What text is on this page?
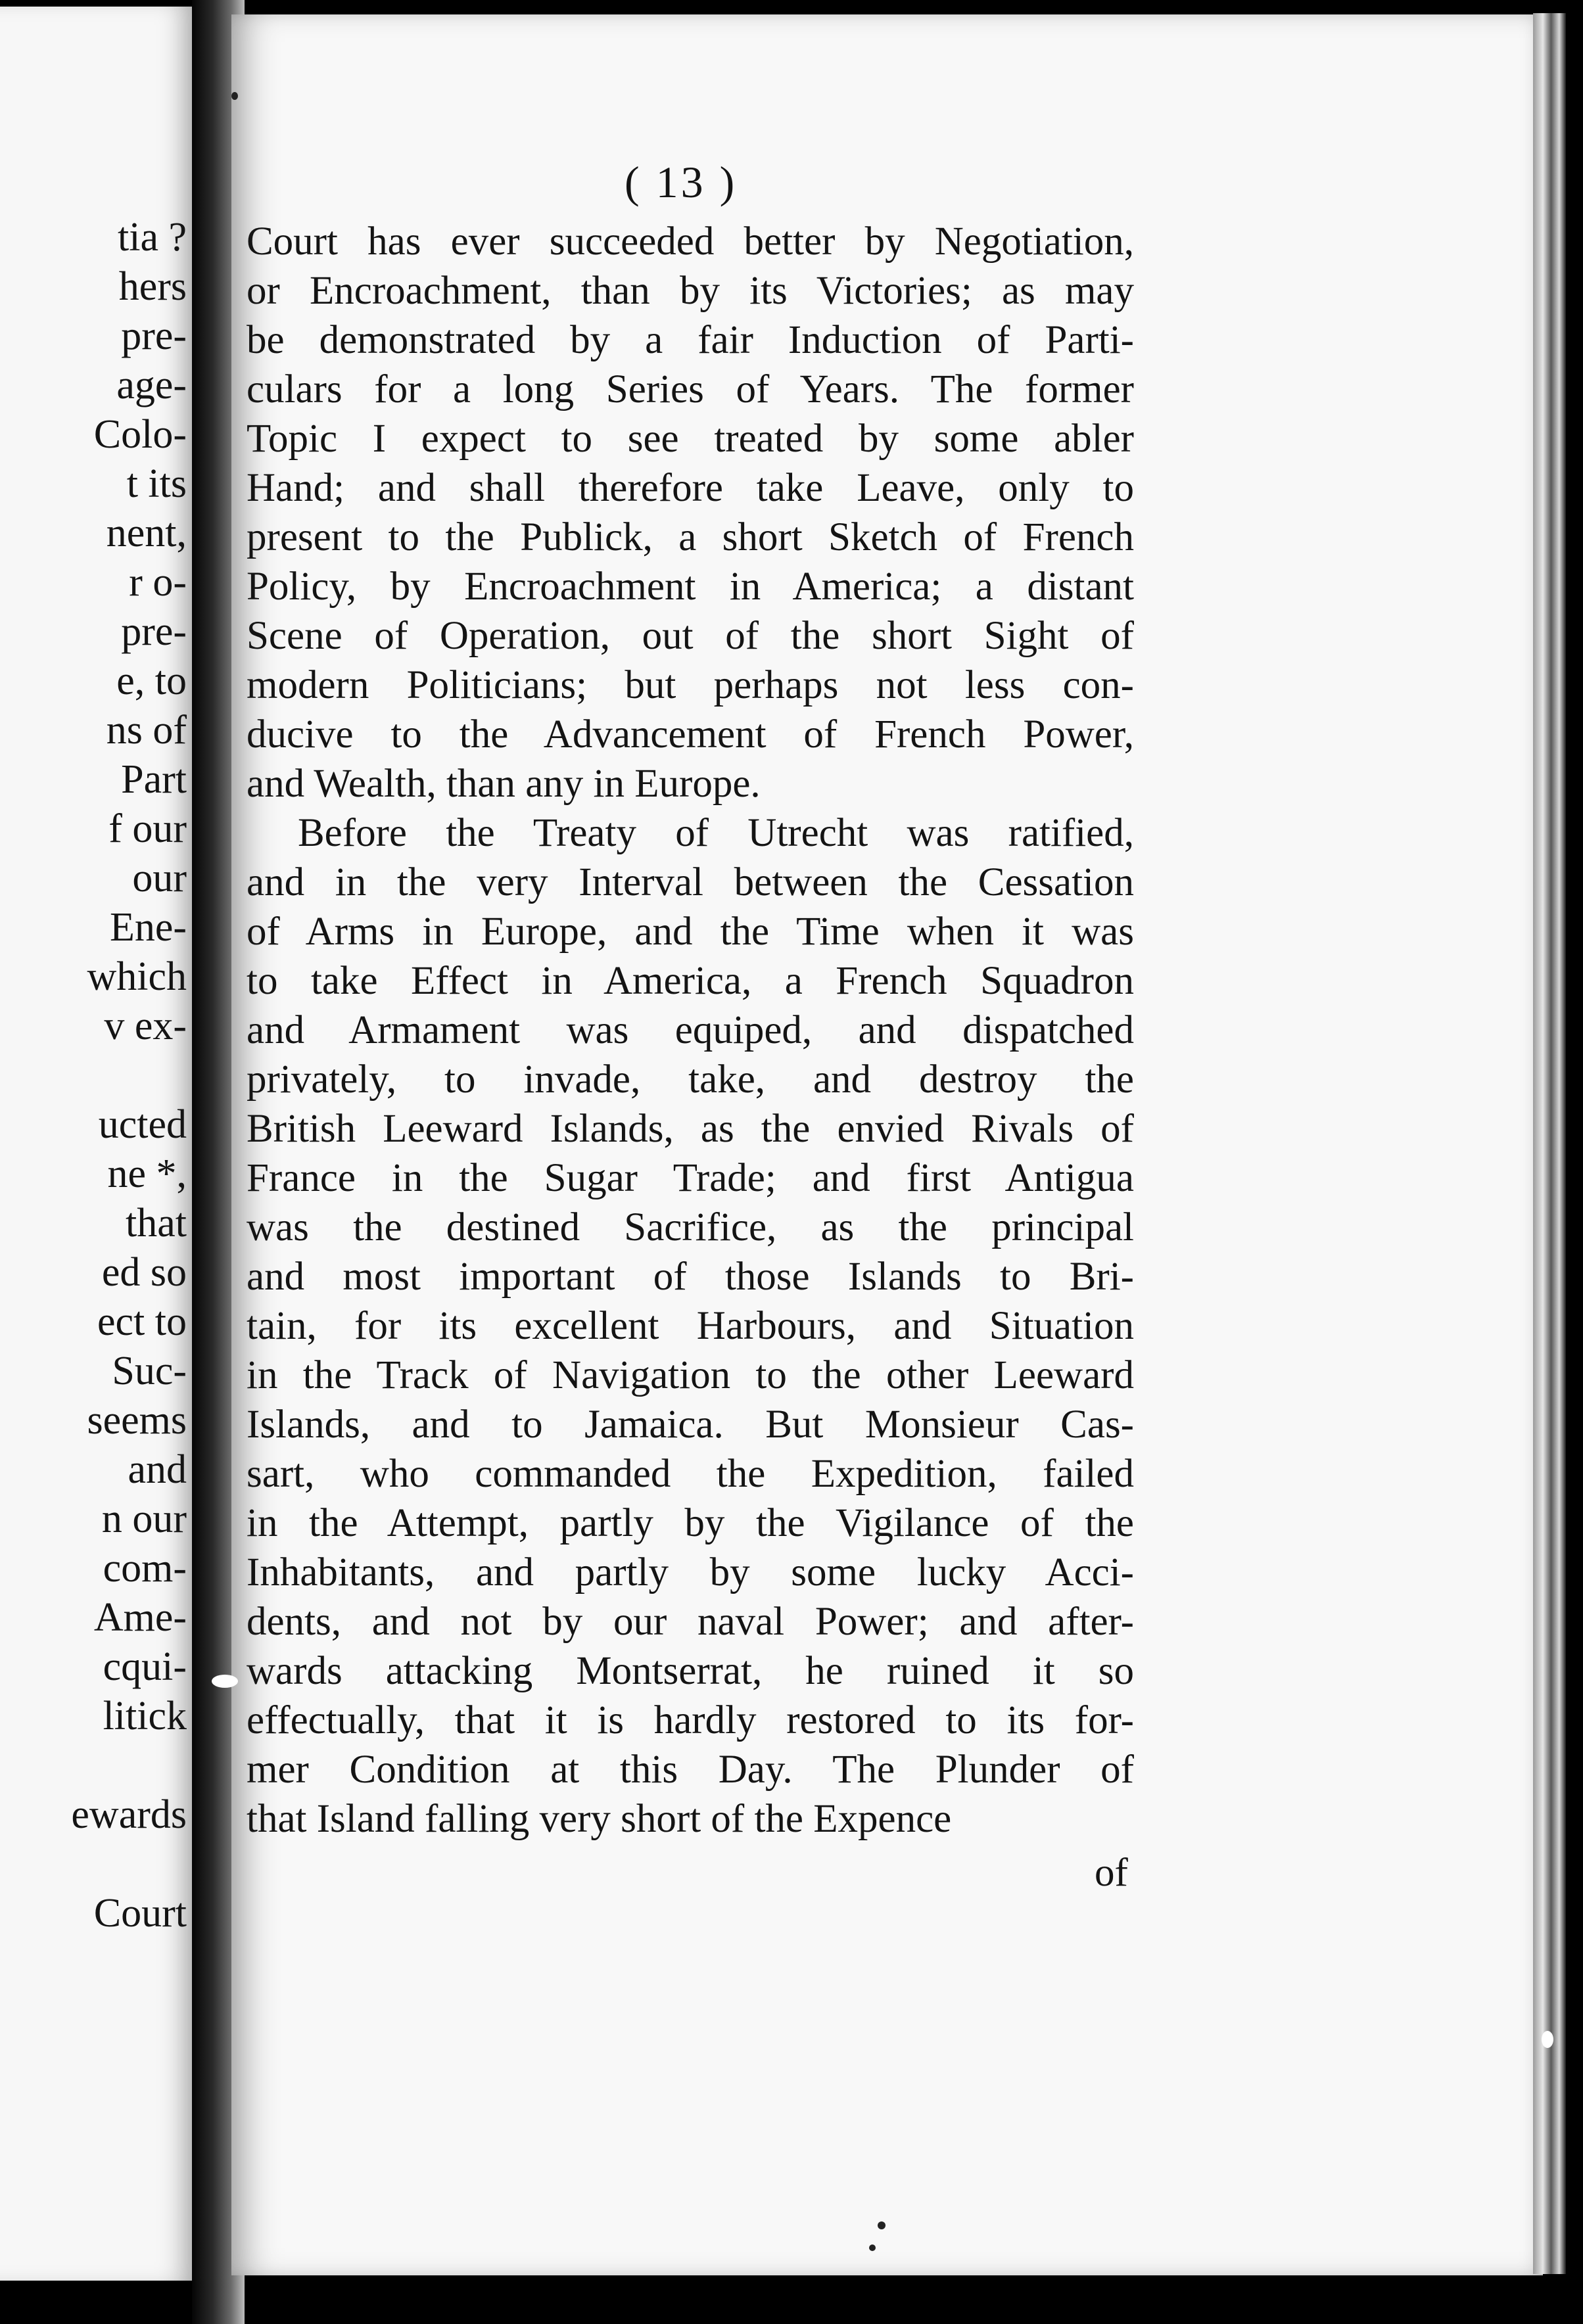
tia ?
hers
pre-
age-
Colo-
t its
nent,
r o-
pre-
e, to
ns of
Part
f our
our
Ene-
which
v ex-
ucted
ne *,
that
ed so
ect to
Suc-
seems
and
n our
com-
Ame-
cqui-
litick
ewards
Court
( 13 )
Court has ever succeeded better by Negotiation,
or Encroachment, than by its Victories; as may
be demonstrated by a fair Induction of Parti-
culars for a long Series of Years. The former
Topic I expect to see treated by some abler
Hand; and shall therefore take Leave, only to
present to the Publick, a short Sketch of French
Policy, by Encroachment in America; a distant
Scene of Operation, out of the short Sight of
modern Politicians; but perhaps not less con-
ducive to the Advancement of French Power,
and Wealth, than any in Europe.
Before the Treaty of Utrecht was ratified,
and in the very Interval between the Cessation
of Arms in Europe, and the Time when it was
to take Effect in America, a French Squadron
and Armament was equiped, and dispatched
privately, to invade, take, and destroy the
British Leeward Islands, as the envied Rivals of
France in the Sugar Trade; and first Antigua
was the destined Sacrifice, as the principal
and most important of those Islands to Bri-
tain, for its excellent Harbours, and Situation
in the Track of Navigation to the other Leeward
Islands, and to Jamaica. But Monsieur Cas-
sart, who commanded the Expedition, failed
in the Attempt, partly by the Vigilance of the
Inhabitants, and partly by some lucky Acci-
dents, and not by our naval Power; and after-
wards attacking Montserrat, he ruined it so
effectually, that it is hardly restored to its for-
mer Condition at this Day. The Plunder of
that Island falling very short of the Expence
of
